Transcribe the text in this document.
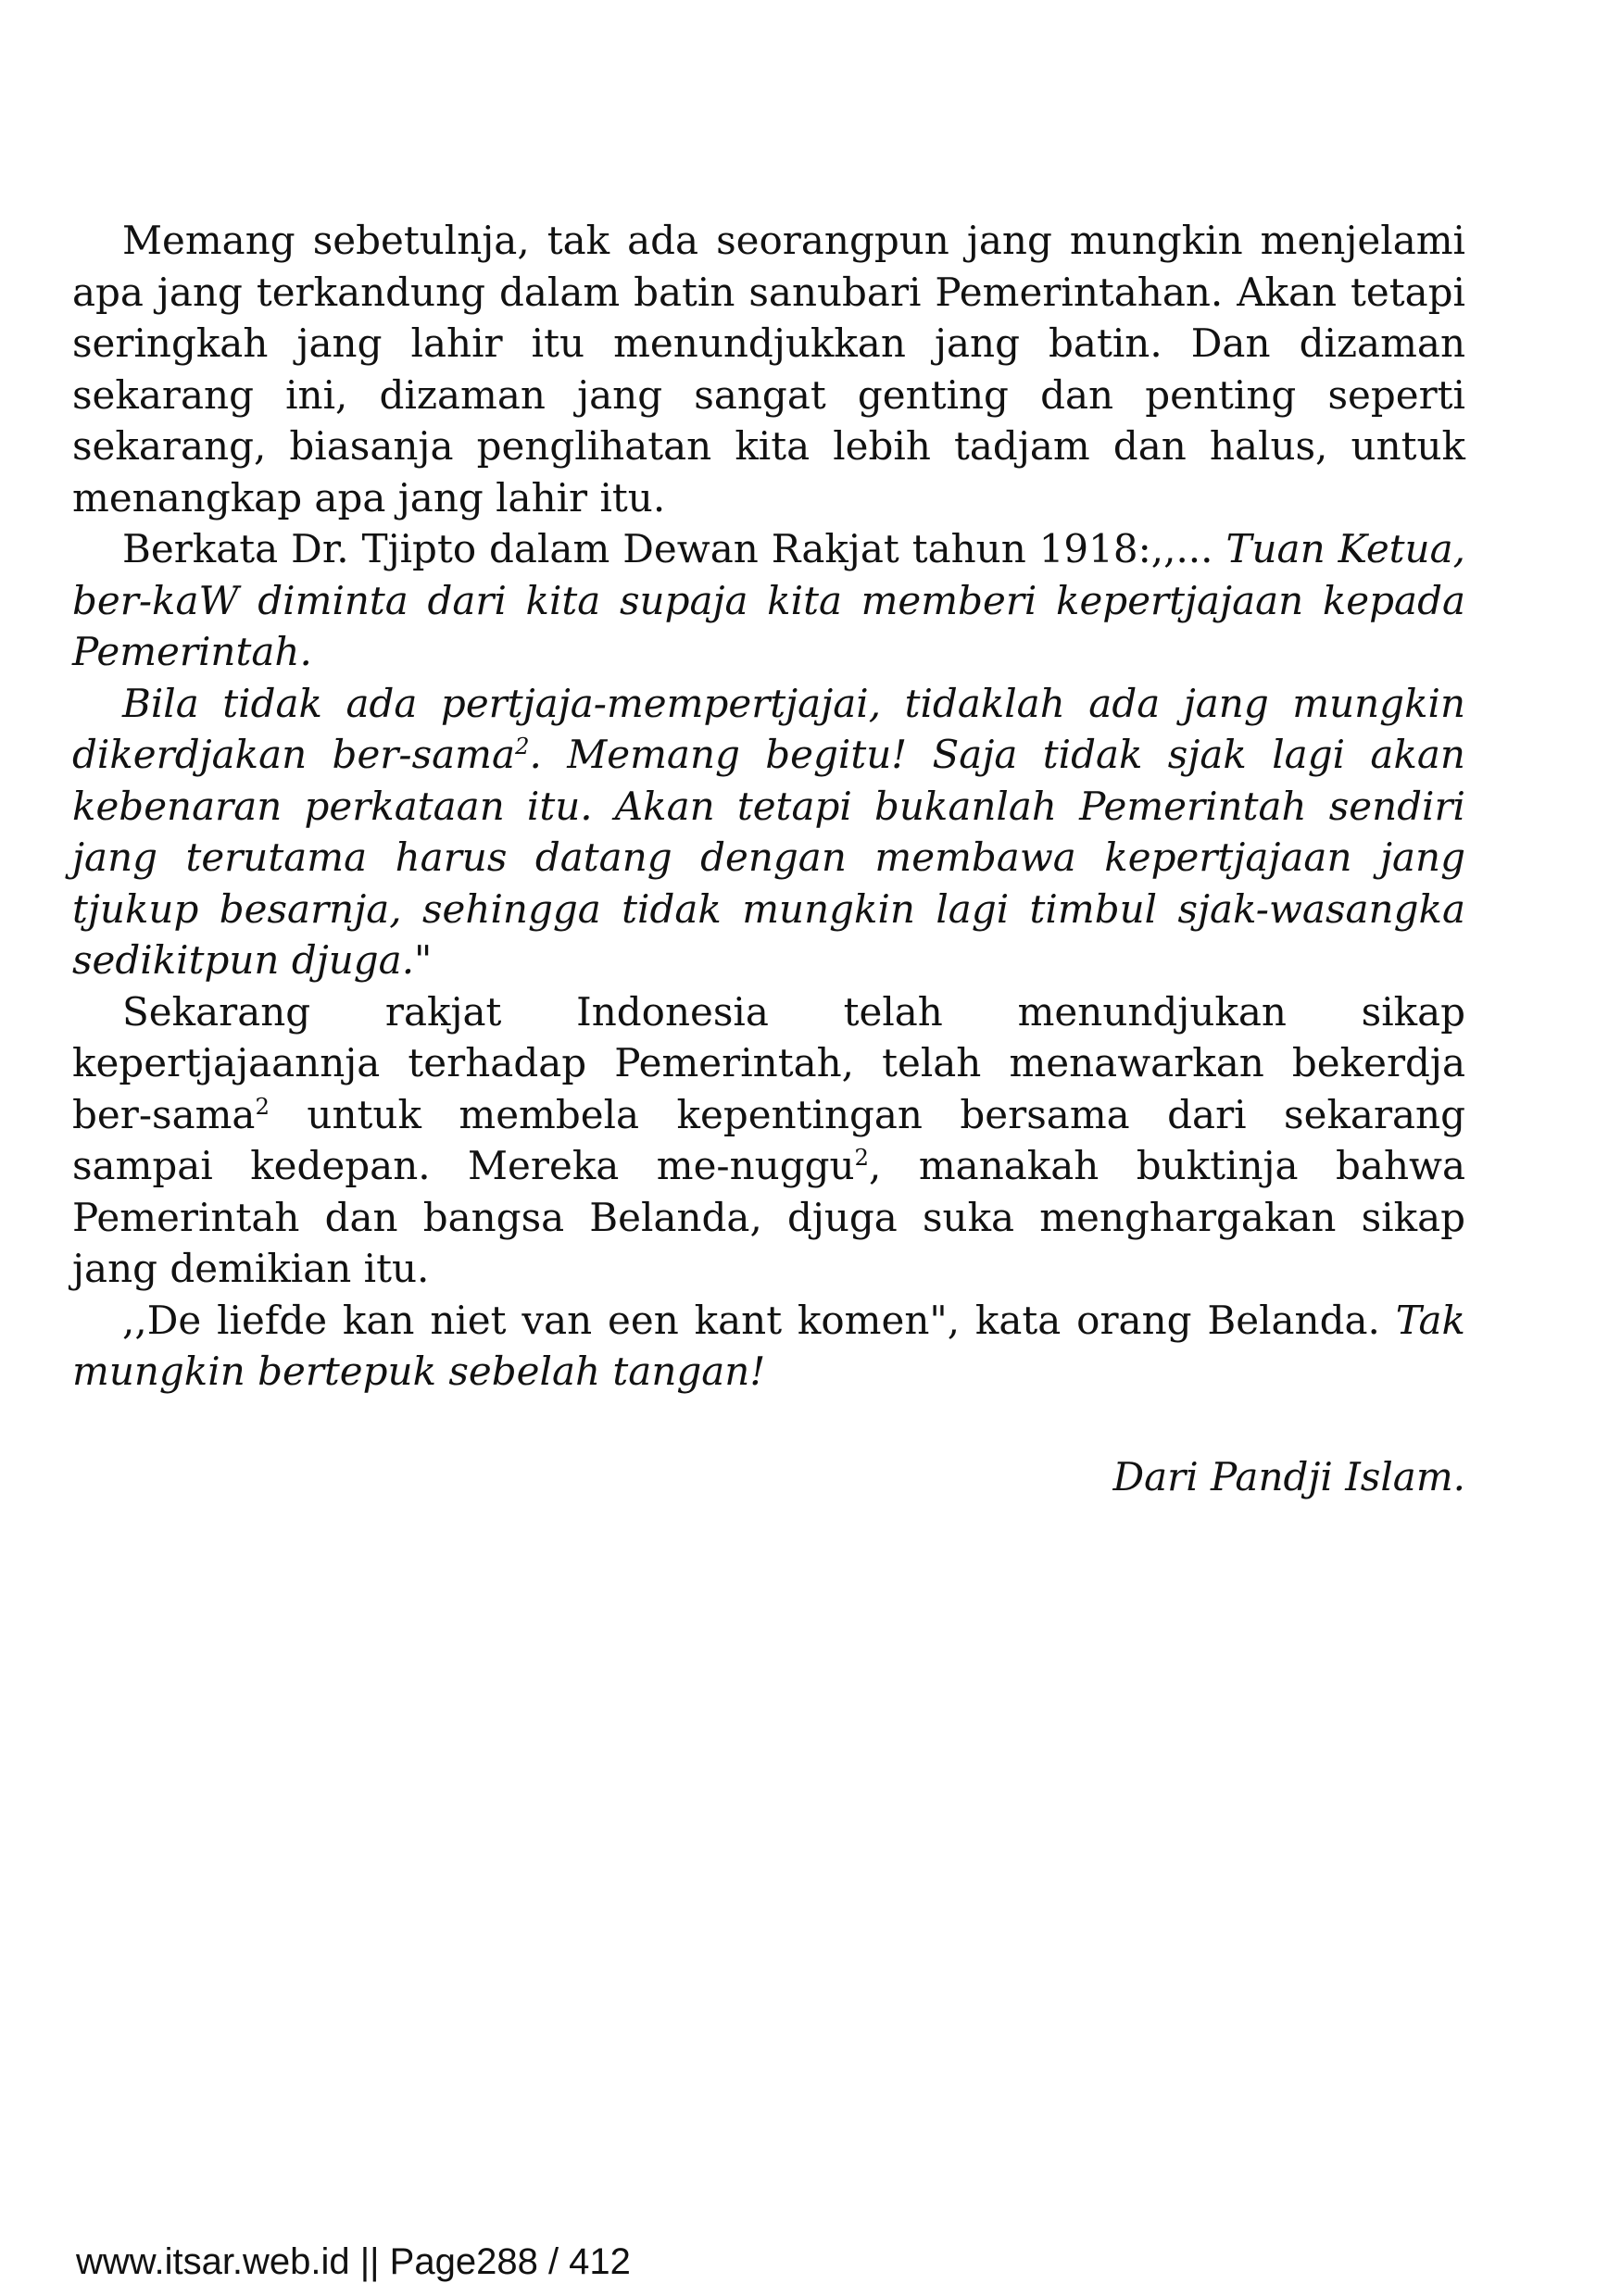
Memang sebetulnja, tak ada seorangpun jang mungkin menjelami apa jang terkandung dalam batin sanubari Pemerintahan. Akan tetapi seringkah jang lahir itu menundjukkan jang batin. Dan dizaman sekarang ini, dizaman jang sangat genting dan penting seperti sekarang, biasanja penglihatan kita lebih tadjam dan halus, untuk menangkap apa jang lahir itu.

Berkata Dr. Tjipto dalam Dewan Rakjat tahun 1918:,,... Tuan Ketua, ber-kaW diminta dari kita supaja kita memberi kepertjajaan kepada Pemerintah.

Bila tidak ada pertjaja-mempertjajai, tidaklah ada jang mungkin dikerdjakan ber-sama$^2$. Memang begitu! Saja tidak sjak lagi akan kebenaran perkataan itu. Akan tetapi bukanlah Pemerintah sendiri jang terutama harus datang dengan membawa kepertjajaan jang tjukup besarnja, sehingga tidak mungkin lagi timbul sjak-wasangka sedikitpun djuga."

Sekarang rakjat Indonesia telah menundjukan sikap kepertjajaannja terhadap Pemerintah, telah menawarkan bekerdja ber-sama$^2$ untuk membela kepentingan bersama dari sekarang sampai kedepan. Mereka me-nuggu$^2$, manakah buktinja bahwa Pemerintah dan bangsa Belanda, djuga suka menghargakan sikap jang demikian itu.

,,De liefde kan niet van een kant komen", kata orang Belanda. Tak mungkin bertepuk sebelah tangan!

Dari Pandji Islam.

www.itsar.web.id || Page288 / 412
